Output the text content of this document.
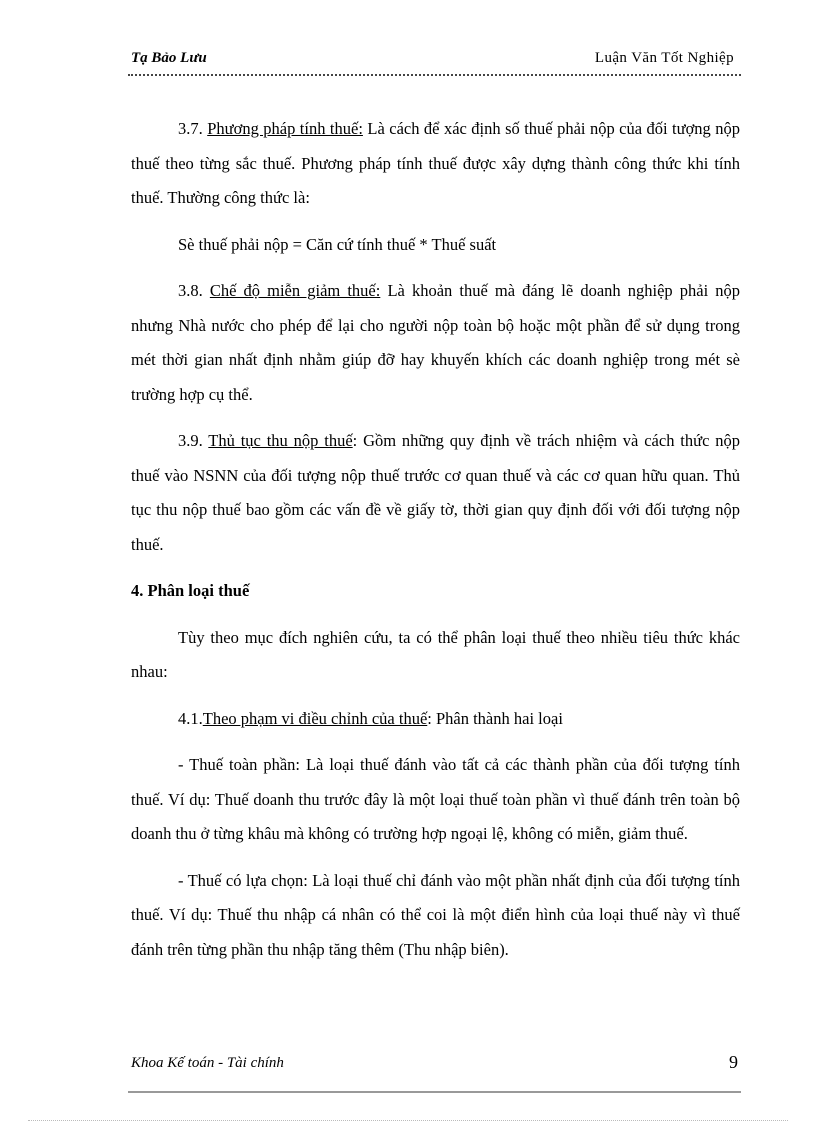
Tạ Bảo Lưu	Luận Văn Tốt Nghiệp

3.7. Phương pháp tính thuế: Là cách để xác định số thuế phải nộp của đối tượng nộp thuế theo từng sắc thuế. Phương pháp tính thuế được xây dựng thành công thức khi tính thuế. Thường công thức là:

Sè thuế phải nộp = Căn cứ tính thuế * Thuế suất

3.8. Chế độ miễn giảm thuế: Là khoản thuế mà đáng lẽ doanh nghiệp phải nộp nhưng Nhà nước cho phép để lại cho người nộp toàn bộ hoặc một phần để sử dụng trong mét thời gian nhất định nhằm giúp đỡ hay khuyến khích các doanh nghiệp trong mét sè trường hợp cụ thể.

3.9. Thủ tục thu nộp thuế: Gồm những quy định về trách nhiệm và cách thức nộp thuế vào NSNN của đối tượng nộp thuế trước cơ quan thuế và các cơ quan hữu quan. Thủ tục thu nộp thuế bao gồm các vấn đề về giấy tờ, thời gian quy định đối với đối tượng nộp thuế.

4. Phân loại thuế

Tùy theo mục đích nghiên cứu, ta có thể phân loại thuế theo nhiều tiêu thức khác nhau:

4.1.Theo phạm vi điều chỉnh của thuế: Phân thành hai loại

- Thuế toàn phần: Là loại thuế đánh vào tất cả các thành phần của đối tượng tính thuế. Ví dụ: Thuế doanh thu trước đây là một loại thuế toàn phần vì thuế đánh trên toàn bộ doanh thu ở từng khâu mà không có trường hợp ngoại lệ, không có miễn, giảm thuế.

- Thuế có lựa chọn: Là loại thuế chỉ đánh vào một phần nhất định của đối tượng tính thuế. Ví dụ: Thuế thu nhập cá nhân có thể coi là một điển hình của loại thuế này vì thuế đánh trên từng phần thu nhập tăng thêm (Thu nhập biên).

Khoa Kế toán - Tài chính	9
